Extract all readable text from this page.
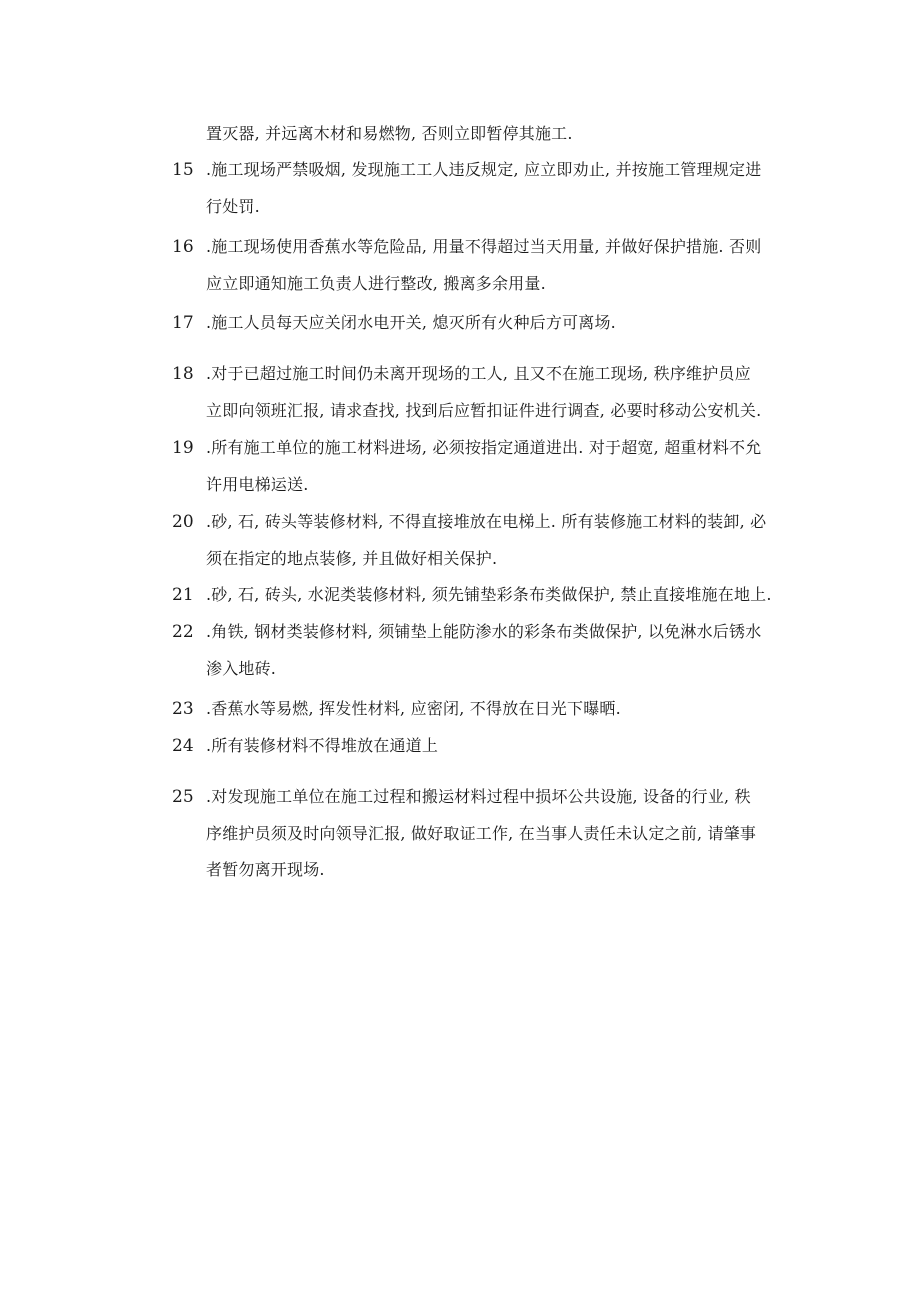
置灭器, 并远离木材和易燃物, 否则立即暂停其施工.
15 .施工现场严禁吸烟, 发现施工工人违反规定, 应立即劝止, 并按施工管理规定进
行处罚.
16 .施工现场使用香蕉水等危险品, 用量不得超过当天用量, 并做好保护措施. 否则
应立即通知施工负责人进行整改, 搬离多余用量.
17 .施工人员每天应关闭水电开关, 熄灭所有火种后方可离场.
18 .对于已超过施工时间仍未离开现场的工人, 且又不在施工现场, 秩序维护员应
立即向领班汇报, 请求查找, 找到后应暂扣证件进行调查, 必要时移动公安机关.
19 .所有施工单位的施工材料进场, 必须按指定通道进出. 对于超宽, 超重材料不允
许用电梯运送.
20 .砂, 石, 砖头等装修材料, 不得直接堆放在电梯上. 所有装修施工材料的装卸, 必
须在指定的地点装修, 并且做好相关保护.
21 .砂, 石, 砖头, 水泥类装修材料, 须先铺垫彩条布类做保护, 禁止直接堆施在地上.
22 .角铁, 钢材类装修材料, 须铺垫上能防渗水的彩条布类做保护, 以免淋水后锈水
渗入地砖.
23 .香蕉水等易燃, 挥发性材料, 应密闭, 不得放在日光下曝晒.
24 .所有装修材料不得堆放在通道上
25 .对发现施工单位在施工过程和搬运材料过程中损坏公共设施, 设备的行业, 秩
序维护员须及时向领导汇报, 做好取证工作, 在当事人责任未认定之前, 请肇事
者暂勿离开现场.
